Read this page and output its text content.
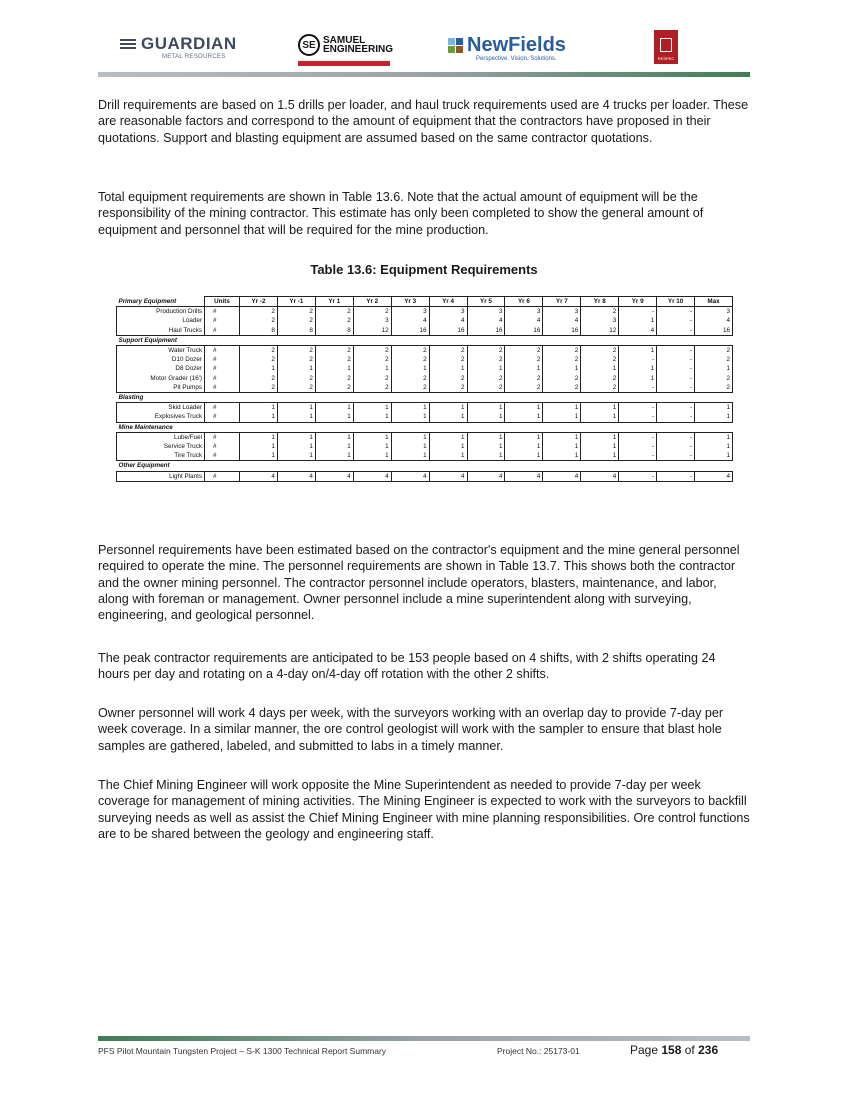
GUARDIAN
METAL RESOURCES
SE SAMUEL
ENGINEERING	NewFields
Perspective. Vision. Solutions.	RESPEC

Drill requirements are based on 1.5 drills per loader, and haul truck requirements used are 4 trucks per loader. These are reasonable factors and correspond to the amount of equipment that the contractors have proposed in their quotations. Support and blasting equipment are assumed based on the same contractor quotations.

Total equipment requirements are shown in Table 13.6. Note that the actual amount of equipment will be the responsibility of the mining contractor. This estimate has only been completed to show the general amount of equipment and personnel that will be required for the mine production.

Table 13.6: Equipment Requirements
Primary Equipment	Units	Yr -2	Yr -1	Yr 1	Yr 2	Yr 3	Yr 4	Yr 5	Yr 6	Yr 7	Yr 8	Yr 9	Yr 10	Max
Production Drills	#	2	2	2	2	3	3	3	3	3	2	-	-	3
Loader	#	2	2	2	3	4	4	4	4	4	3	1	-	4
Haul Trucks	#	8	8	8	12	16	16	16	16	16	12	4	-	16
Support Equipment														
Water Truck	#	2	2	2	2	2	2	2	2	2	2	1	-	2
D10 Dozer	#	2	2	2	2	2	2	2	2	2	2	-	-	2
D8 Dozer	#	1	1	1	1	1	1	1	1	1	1	1	-	1
Motor Grader (16')	#	2	2	2	2	2	2	2	2	2	2	1	-	2
Pit Pumps	#	2	2	2	2	2	2	2	2	2	2	-	-	2
Blasting														
Skid Loader	#	1	1	1	1	1	1	1	1	1	1	-	-	1
Explosives Truck	#	1	1	1	1	1	1	1	1	1	1	-	-	1
Mine Maintenance														
Lube/Fuel	#	1	1	1	1	1	1	1	1	1	1	-	-	1
Service Truck	#	1	1	1	1	1	1	1	1	1	1	-	-	1
Tire Truck	#	1	1	1	1	1	1	1	1	1	1	-	-	1
Other Equipment														
Light Plants	#	4	4	4	4	4	4	4	4	4	4	-	-	4

Personnel requirements have been estimated based on the contractor's equipment and the mine general personnel required to operate the mine. The personnel requirements are shown in Table 13.7. This shows both the contractor and the owner mining personnel. The contractor personnel include operators, blasters, maintenance, and labor, along with foreman or management. Owner personnel include a mine superintendent along with surveying, engineering, and geological personnel.

The peak contractor requirements are anticipated to be 153 people based on 4 shifts, with 2 shifts operating 24 hours per day and rotating on a 4-day on/4-day off rotation with the other 2 shifts.

Owner personnel will work 4 days per week, with the surveyors working with an overlap day to provide 7-day per week coverage. In a similar manner, the ore control geologist will work with the sampler to ensure that blast hole samples are gathered, labeled, and submitted to labs in a timely manner.

The Chief Mining Engineer will work opposite the Mine Superintendent as needed to provide 7-day per week coverage for management of mining activities. The Mining Engineer is expected to work with the surveyors to backfill surveying needs as well as assist the Chief Mining Engineer with mine planning responsibilities. Ore control functions are to be shared between the geology and engineering staff.

PFS Pilot Mountain Tungsten Project – S-K 1300 Technical Report Summary	Project No.: 25173-01	Page 158 of 236
